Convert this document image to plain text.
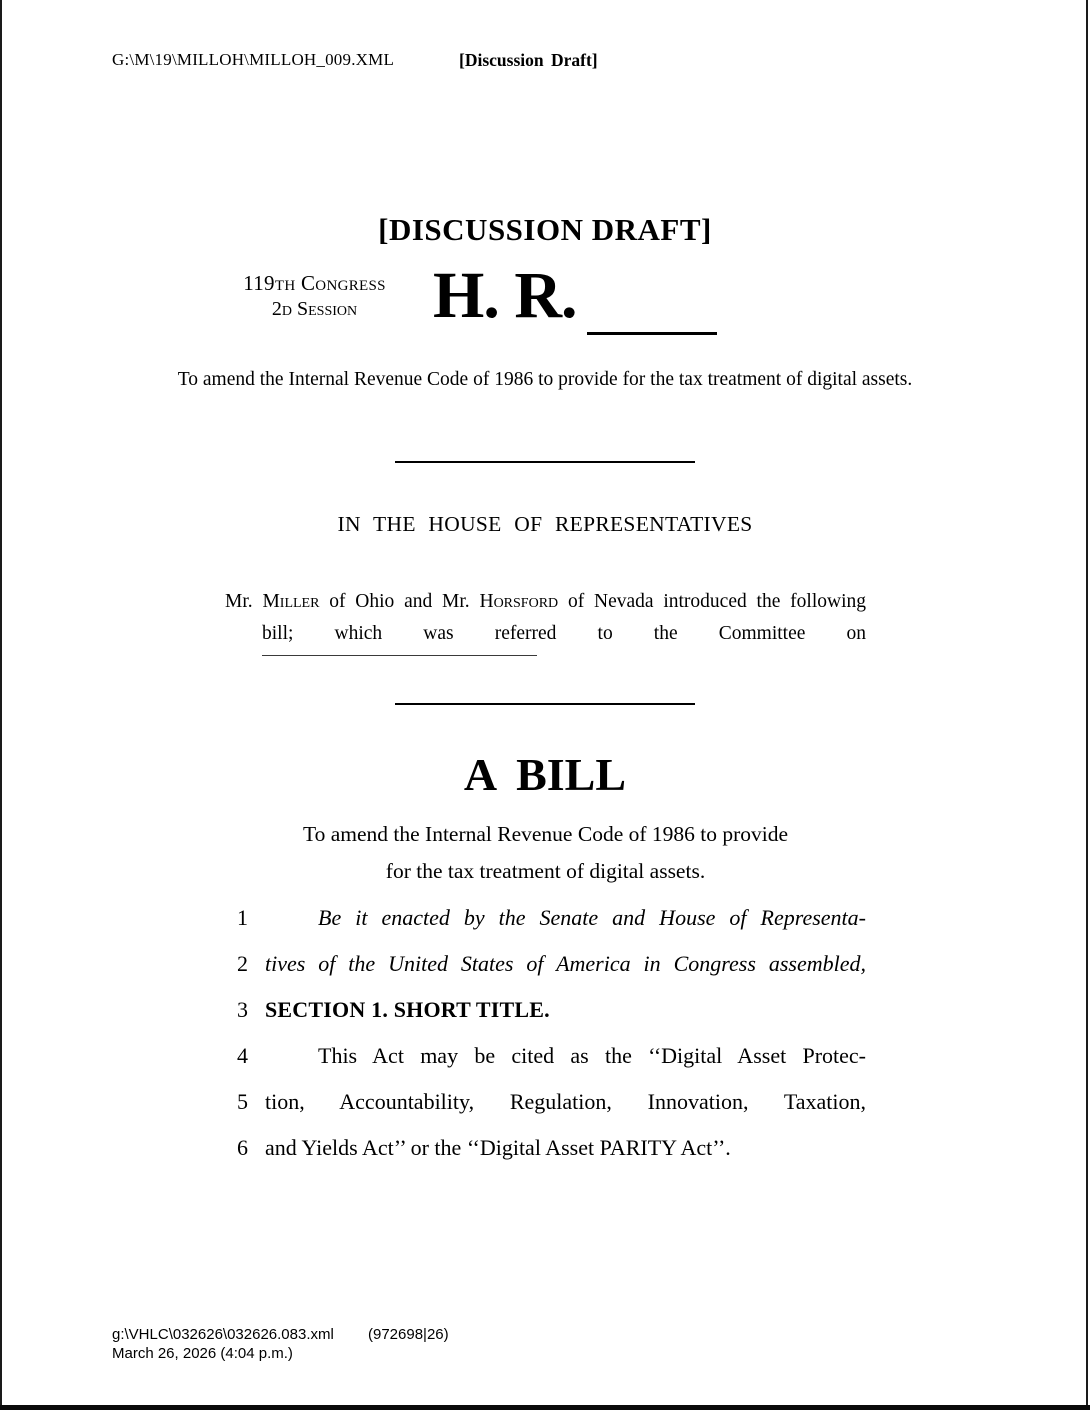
G:\M\19\MILLOH\MILLOH_009.XML	[Discussion Draft]
[DISCUSSION DRAFT]
119th Congress
2d Session	H. R.
To amend the Internal Revenue Code of 1986 to provide for the tax treatment of digital assets.
IN THE HOUSE OF REPRESENTATIVES
Mr. Miller of Ohio and Mr. Horsford of Nevada introduced the following
bill; which was referred to the Committee on
A BILL
To amend the Internal Revenue Code of 1986 to provide
for the tax treatment of digital assets.
1	Be it enacted by the Senate and House of Representa-
2 tives of the United States of America in Congress assembled,
3 SECTION 1. SHORT TITLE.
4	This Act may be cited as the ‘‘Digital Asset Protec-
5 tion, Accountability, Regulation, Innovation, Taxation,
6 and Yields Act’’ or the ‘‘Digital Asset PARITY Act’’.
g:\VHLC\032626\032626.083.xml (972698|26)
March 26, 2026 (4:04 p.m.)
